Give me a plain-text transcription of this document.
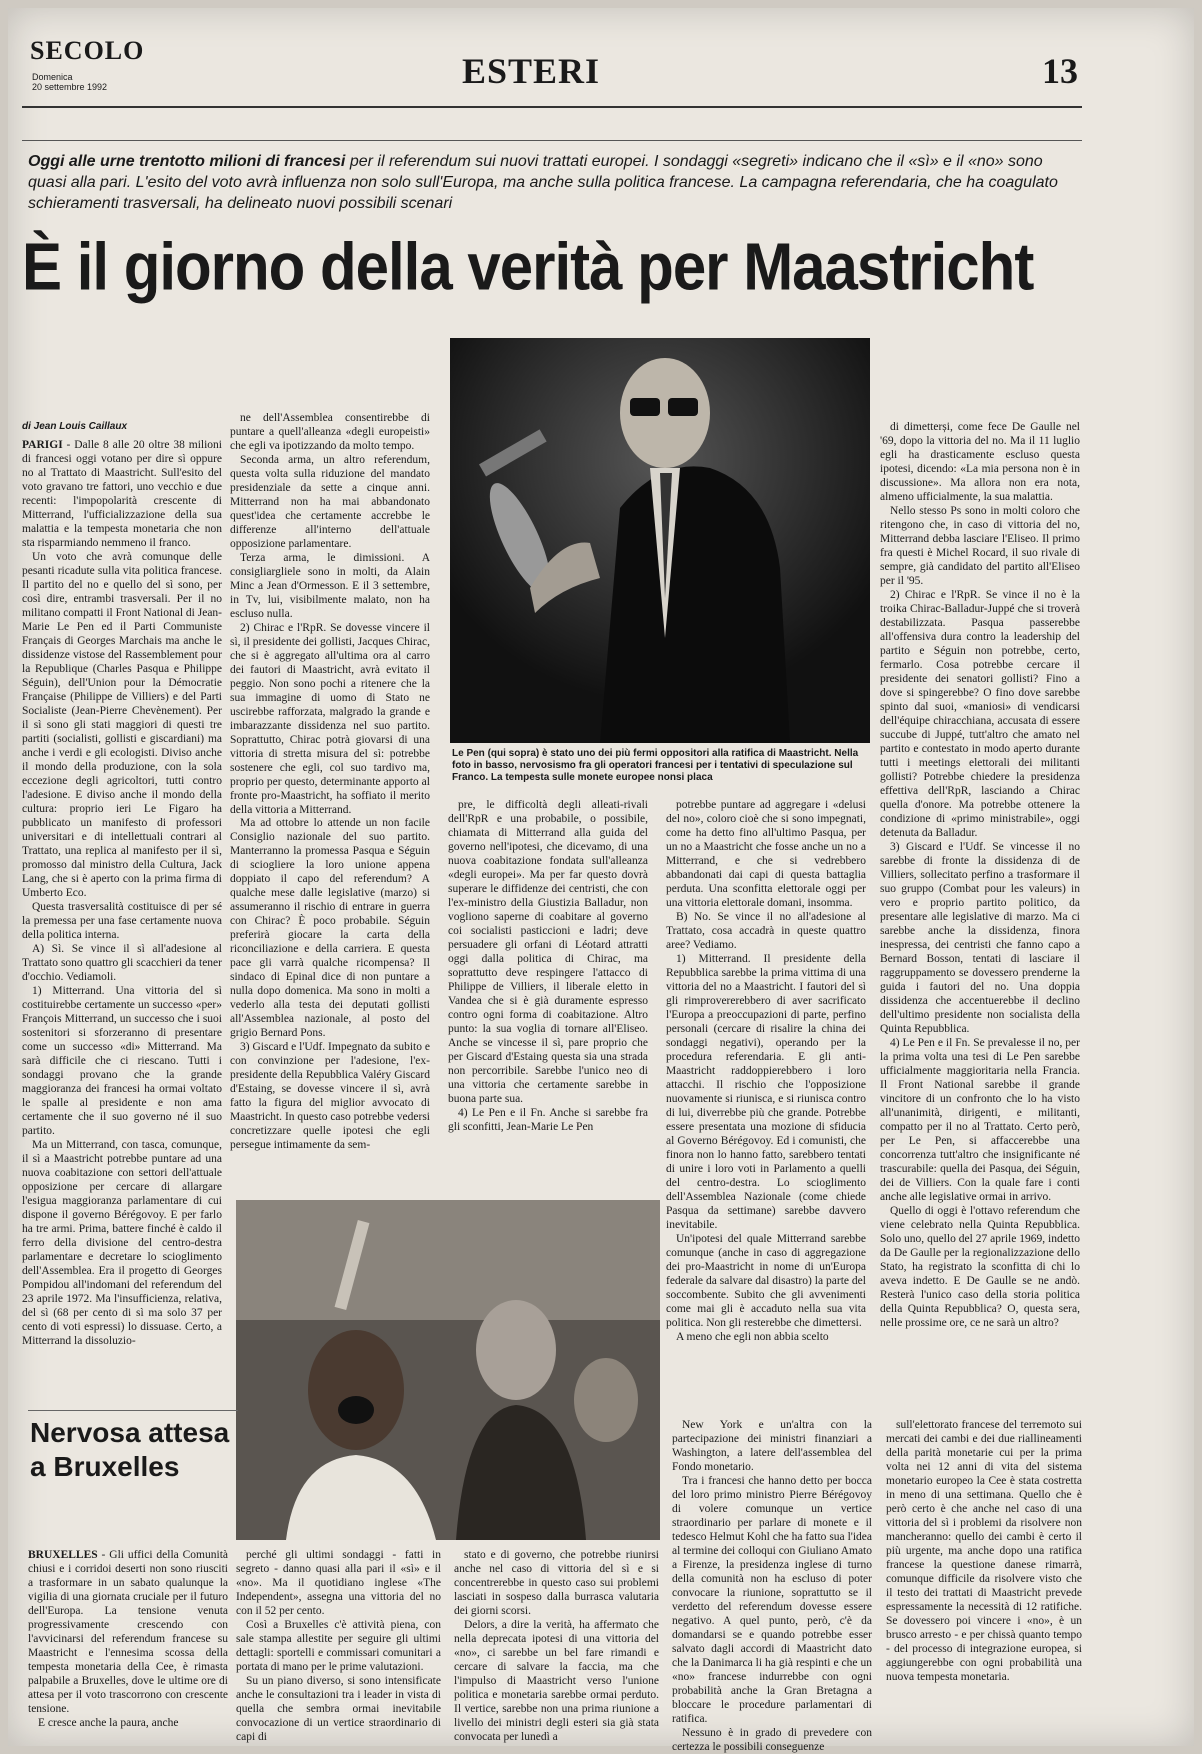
SECOLO
Domenica
20 settembre 1992	ESTERI	13
Oggi alle urne trentotto milioni di francesi per il referendum sui nuovi trattati europei. I sondaggi «segreti» indicano che il «sì» e il «no» sono quasi alla pari. L'esito del voto avrà influenza non solo sull'Europa, ma anche sulla politica francese. La campagna referendaria, che ha coagulato schieramenti trasversali, ha delineato nuovi possibili scenari
È il giorno della verità per Maastricht
di Jean Louis Caillaux

PARIGI - Dalle 8 alle 20 oltre 38 milioni di francesi oggi votano per dire sì oppure no al Trattato di Maastricht. Sull'esito del voto gravano tre fattori, uno vecchio e due recenti: l'impopolarità crescente di Mitterrand, l'ufficializzazione della sua malattia e la tempesta monetaria che non sta risparmiando nemmeno il franco.

Un voto che avrà comunque delle pesanti ricadute sulla vita politica francese. Il partito del no e quello del sì sono, per così dire, entrambi trasversali. Per il no militano compatti il Front National di Jean-Marie Le Pen ed il Parti Communiste Français di Georges Marchais ma anche le dissidenze vistose del Rassemblement pour la Republique (Charles Pasqua e Philippe Séguin), dell'Union pour la Démocratie Française (Philippe de Villiers) e del Parti Socialiste (Jean-Pierre Chevènement). Per il sì sono gli stati maggiori di questi tre partiti (socialisti, gollisti e giscardiani) ma anche i verdi e gli ecologisti. Diviso anche il mondo della produzione, con la sola eccezione degli agricoltori, tutti contro l'adesione. E diviso anche il mondo della cultura: proprio ieri Le Figaro ha pubblicato un manifesto di professori universitari e di intellettuali contrari al Trattato, una replica al manifesto per il sì, promosso dal ministro della Cultura, Jack Lang, che si è aperto con la prima firma di Umberto Eco.

Questa trasversalità costituisce di per sé la premessa per una fase certamente nuova della politica interna.

A) Sì. Se vince il sì all'adesione al Trattato sono quattro gli scacchieri da tener d'occhio. Vediamoli.

1) Mitterrand. Una vittoria del sì costituirebbe certamente un successo «per» François Mitterrand, un successo che i suoi sostenitori si sforzeranno di presentare come un successo «di» Mitterrand. Ma sarà difficile che ci riescano. Tutti i sondaggi provano che la grande maggioranza dei francesi ha ormai voltato le spalle al presidente e non ama certamente che il suo governo né il suo partito.

Ma un Mitterrand, con tasca, comunque, il sì a Maastricht potrebbe puntare ad una nuova coabitazione con settori dell'attuale opposizione per cercare di allargare l'esigua maggioranza parlamentare di cui dispone il governo Bérégovoy. E per farlo ha tre armi. Prima, battere finché è caldo il ferro della divisione del centro-destra parlamentare e decretare lo scioglimento dell'Assemblea. Era il progetto di Georges Pompidou all'indomani del referendum del 23 aprile 1972. Ma l'insufficienza, relativa, del sì (68 per cento di sì ma solo 37 per cento di voti espressi) lo dissuase. Certo, a Mitterrand la dissoluzio-

ne dell'Assemblea consentirebbe di puntare a quell'alleanza «degli europeisti» che egli va ipotizzando da molto tempo.

Seconda arma, un altro referendum, questa volta sulla riduzione del mandato presidenziale da sette a cinque anni. Mitterrand non ha mai abbandonato quest'idea che certamente accrebbe le differenze all'interno dell'attuale opposizione parlamentare.

Terza arma, le dimissioni. A consigliargliele sono in molti, da Alain Minc a Jean d'Ormesson. E il 3 settembre, in Tv, lui, visibilmente malato, non ha escluso nulla.

2) Chirac e l'RpR. Se dovesse vincere il sì, il presidente dei gollisti, Jacques Chirac, che si è aggregato all'ultima ora al carro dei fautori di Maastricht, avrà evitato il peggio. Non sono pochi a ritenere che la sua immagine di uomo di Stato ne uscirebbe rafforzata, malgrado la grande e imbarazzante dissidenza nel suo partito. Soprattutto, Chirac potrà giovarsi di una vittoria di stretta misura del sì: potrebbe sostenere che egli, col suo tardivo ma, proprio per questo, determinante apporto al fronte pro-Maastricht, ha soffiato il merito della vittoria a Mitterrand.

Le Pen (qui sopra) è stato uno dei più fermi oppositori alla ratifica di Maastricht. Nella foto in basso, nervosismo fra gli operatori francesi per i tentativi di speculazione sul Franco. La tempesta sulle monete europee nonsi placa

di dimetterși, come fece De Gaulle nel '69, dopo la vittoria del no. Ma il 11 luglio egli ha drasticamente escluso questa ipotesi, dicendo: «La mia persona non è in discussione». Ma allora non era nota, almeno ufficialmente, la sua malattia.

Nello stesso Ps sono in molti coloro che ritengono che, in caso di vittoria del no, Mitterrand debba lasciare l'Eliseo. Il primo fra questi è Michel Rocard, il suo rivale di sempre, già candidato del partito all'Eliseo per il '95.

2) Chirac e l'RpR. Se vince il no è la troika Chirac-Balladur-Juppé che si troverà destabilizzata. Pasqua passerebbe all'offensiva dura contro la leadership del partito e Séguin non potrebbe, certo, fermarlo. Cosa potrebbe cercare il presidente dei senatori gollisti? Fino a dove si spingerebbe? O fino dove sarebbe spinto dal suoi, «maniosi» di vendicarsi dell'équipe chiracchiana, accusata di essere succube di Juppé, tutt'altro che amato nel partito e contestato in modo aperto durante tutti i meetings elettorali dei militanti gollisti? Potrebbe chiedere la presidenza effettiva dell'RpR, lasciando a Chirac quella d'onore. Ma potrebbe ottenere la condizione di «primo ministrabile», oggi detenuta da Balladur.

3) Giscard e l'Udf. Se vincesse il no sarebbe di fronte la dissidenza di de Villiers, sollecitato perfino a trasformare il suo gruppo (Combat pour les valeurs) in vero e proprio partito politico, da presentare alle legislative di marzo. Ma ci sarebbe anche la dissidenza, finora inespressa, dei centristi che fanno capo a Bernard Bosson, tentati di lasciare il raggruppamento se dovessero prenderne la guida i fautori del no. Una doppia dissidenza che accentuerebbe il declino dell'ultimo presidente non socialista della Quinta Repubblica.

4) Le Pen e il Fn. Se prevalesse il no, per la prima volta una tesi di Le Pen sarebbe ufficialmente maggioritaria nella Francia. Il Front National sarebbe il grande vincitore di un confronto che lo ha visto all'unanimità, dirigenti, e militanti, compatto per il no al Trattato. Certo però, per Le Pen, si affaccerebbe una concorrenza tutt'altro che insignificante né trascurabile: quella dei Pasqua, dei Séguin, dei de Villiers. Con la quale fare i conti anche alle legislative ormai in arrivo.

Quello di oggi è l'ottavo referendum che viene celebrato nella Quinta Repubblica. Solo uno, quello del 27 aprile 1969, indetto da De Gaulle per la regionalizzazione dello Stato, ha registrato la sconfitta di chi lo aveva indetto. E De Gaulle se ne andò. Resterà l'unico caso della storia politica della Quinta Repubblica? O, questa sera, nelle prossime ore, ce ne sarà un altro?

pre, le difficoltà degli alleati-rivali dell'RpR e una probabile, o possibile, chiamata di Mitterrand alla guida del governo nell'ipotesi, che dicevamo, di una nuova coabitazione fondata sull'alleanza «degli europei». Ma per far questo dovrà superare le diffidenze dei centristi, che con l'ex-ministro della Giustizia Balladur, non vogliono saperne di coabitare al governo coi socialisti pasticcioni e ladri; deve persuadere gli orfani di Léotard attratti oggi dalla politica di Chirac, ma soprattutto deve respingere l'attacco di Philippe de Villiers, il liberale eletto in Vandea che si è già duramente espresso contro ogni forma di coabitazione. Altro punto: la sua voglia di tornare all'Eliseo. Anche se vincesse il sì, pare proprio che per Giscard d'Estaing questa sia una strada non percorribile. Sarebbe l'unico neo di una vittoria che certamente sarebbe in buona parte sua.

4) Le Pen e il Fn. Anche si sarebbe fra gli sconfitti, Jean-Marie Le Pen

potrebbe puntare ad aggregare i «delusi del no», coloro cioè che si sono impegnati, come ha detto fino all'ultimo Pasqua, per un no a Maastricht che fosse anche un no a Mitterrand, e che si vedrebbero abbandonati dai capi di questa battaglia perduta. Una sconfitta elettorale oggi per una vittoria elettorale domani, insomma.

B) No. Se vince il no all'adesione al Trattato, cosa accadrà in queste quattro aree? Vediamo.

1) Mitterrand. Il presidente della Repubblica sarebbe la prima vittima di una vittoria del no a Maastricht. I fautori del sì gli rimprovererebbero di aver sacrificato l'Europa a preoccupazioni di parte, perfino personali (cercare di risalire la china dei sondaggi negativi), operando per la procedura referendaria. E gli anti-Maastricht raddoppierebbero i loro attacchi. Il rischio che l'opposizione nuovamente si riunisca, e si riunisca contro di lui, diverrebbe più che grande. Potrebbe essere presentata una mozione di sfiducia al Governo Bérégovoy. Ed i comunisti, che finora non lo hanno fatto, sarebbero tentati di unire i loro voti in Parlamento a quelli del centro-destra. Lo scioglimento dell'Assemblea Nazionale (come chiede Pasqua da settimane) sarebbe davvero inevitabile.

Un'ipotesi del quale Mitterrand sarebbe comunque (anche in caso di aggregazione dei pro-Maastricht in nome di un'Europa federale da salvare dal disastro) la parte del soccombente. Subito che gli avvenimenti come mai gli è accaduto nella sua vita politica. Non gli resterebbe che dimettersi.

A meno che egli non abbia scelto

Ma ad ottobre lo attende un non facile Consiglio nazionale del suo partito. Manterranno la promessa Pasqua e Séguin di sciogliere la loro unione appena doppiato il capo del referendum? A qualche mese dalle legislative (marzo) si assumeranno il rischio di entrare in guerra con Chirac? È poco probabile. Séguin preferirà giocare la carta della riconciliazione e della carriera. E questa pace gli varrà qualche ricompensa? Il sindaco di Epinal dice di non puntare a nulla dopo domenica. Ma sono in molti a vederlo alla testa dei deputati gollisti all'Assemblea nazionale, al posto del grigio Bernard Pons.

3) Giscard e l'Udf. Impegnato da subito e con convinzione per l'adesione, l'ex-presidente della Repubblica Valéry Giscard d'Estaing, se dovesse vincere il sì, avrà fatto la figura del miglior avvocato di Maastricht. In questo caso potrebbe vedersi concretizzare quelle ipotesi che egli persegue intimamente da sem-

Nervosa attesa a Bruxelles

BRUXELLES - Gli uffici della Comunità chiusi e i corridoi deserti non sono riusciti a trasformare in un sabato qualunque la vigilia di una giornata cruciale per il futuro dell'Europa. La tensione venuta progressivamente crescendo con l'avvicinarsi del referendum francese su Maastricht e l'ennesima scossa della tempesta monetaria della Cee, è rimasta palpabile a Bruxelles, dove le ultime ore di attesa per il voto trascorrono con crescente tensione.

E cresce anche la paura, anche

perché gli ultimi sondaggi - fatti in segreto - danno quasi alla pari il «sì» e il «no». Ma il quotidiano inglese «The Independent», assegna una vittoria del no con il 52 per cento.

Così a Bruxelles c'è attività piena, con sale stampa allestite per seguire gli ultimi dettagli: sportelli e commissari comunitari a portata di mano per le prime valutazioni.

Su un piano diverso, si sono intensificate anche le consultazioni tra i leader in vista di quella che sembra ormai inevitabile convocazione di un vertice straordinario di capi di

stato e di governo, che potrebbe riunirsi anche nel caso di vittoria del sì e si concentrerebbe in questo caso sui problemi lasciati in sospeso dalla burrasca valutaria dei giorni scorsi.

Delors, a dire la verità, ha affermato che nella deprecata ipotesi di una vittoria del «no», ci sarebbe un bel fare rimandi e cercare di salvare la faccia, ma che l'impulso di Maastricht verso l'unione politica e monetaria sarebbe ormai perduto. Il vertice, sarebbe non una prima riunione a livello dei ministri degli esteri sia già stata convocata per lunedì a

New York e un'altra con la partecipazione dei ministri finanziari a Washington, a latere dell'assemblea del Fondo monetario.

Tra i francesi che hanno detto per bocca del loro primo ministro Pierre Bérégovoy di volere comunque un vertice straordinario per parlare di monete e il tedesco Helmut Kohl che ha fatto sua l'idea al termine dei colloqui con Giuliano Amato a Firenze, la presidenza inglese di turno della comunità non ha escluso di poter convocare la riunione, soprattutto se il verdetto del referendum dovesse essere negativo. A quel punto, però, c'è da domandarsi se e quando potrebbe esser salvato dagli accordi di Maastricht dato che la Danimarca li ha già respinti e che un «no» francese indurrebbe con ogni probabilità anche la Gran Bretagna a bloccare le procedure parlamentari di ratifica.

Nessuno è in grado di prevedere con certezza le possibili conseguenze

sull'elettorato francese del terremoto sui mercati dei cambi e dei due riallineamenti della parità monetarie cui per la prima volta nei 12 anni di vita del sistema monetario europeo la Cee è stata costretta in meno di una settimana. Quello che è però certo è che anche nel caso di una vittoria del sì i problemi da risolvere non mancheranno: quello dei cambi è certo il più urgente, ma anche dopo una ratifica francese la questione danese rimarrà, comunque difficile da risolvere visto che il testo dei trattati di Maastricht prevede espressamente la necessità di 12 ratifiche. Se dovessero poi vincere i «no», è un brusco arresto - e per chissà quanto tempo - del processo di integrazione europea, si aggiungerebbe con ogni probabilità una nuova tempesta monetaria.
